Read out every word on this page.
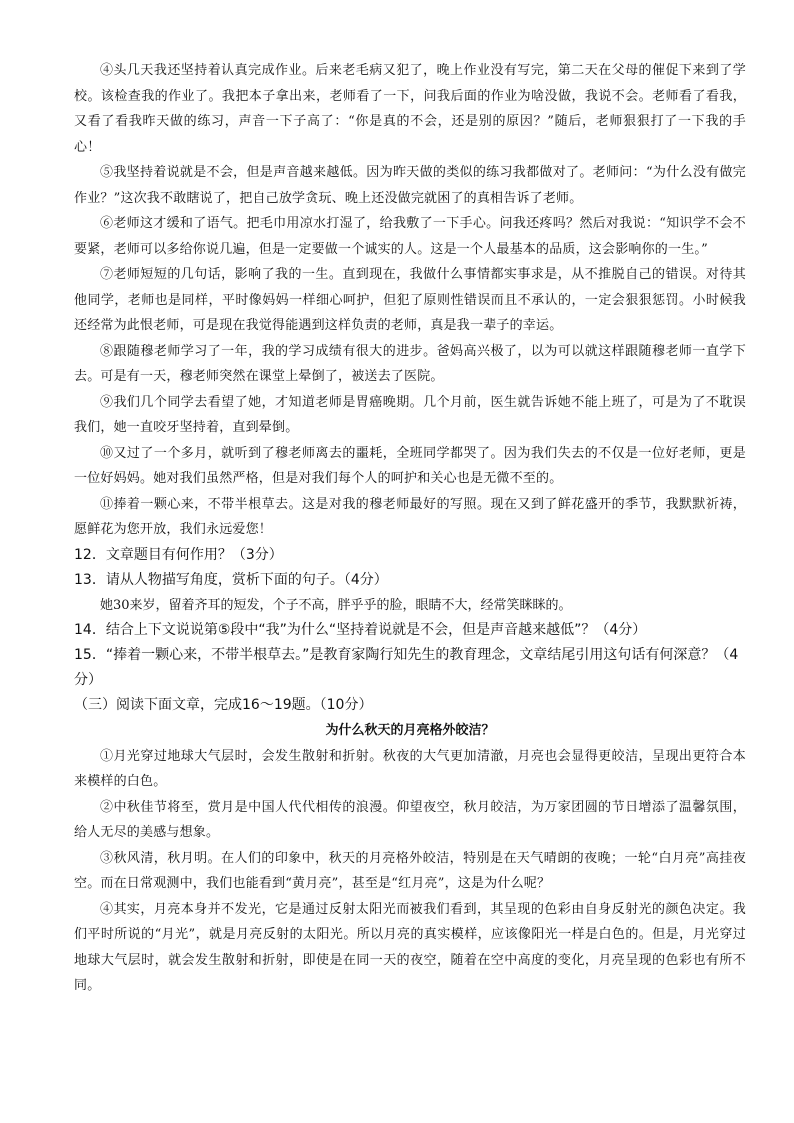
④头几天我还坚持着认真完成作业。后来老毛病又犯了，晚上作业没有写完，第二天在父母的催促下来到了学校。该检查我的作业了。我把本子拿出来，老师看了一下，问我后面的作业为啥没做，我说不会。老师看了看我，又看了看我昨天做的练习，声音一下子高了：“你是真的不会，还是别的原因？”随后，老师狠狠打了一下我的手心！

⑤我坚持着说就是不会，但是声音越来越低。因为昨天做的类似的练习我都做对了。老师问：“为什么没有做完作业？”这次我不敢瞎说了，把自己放学贪玩、晚上还没做完就困了的真相告诉了老师。

⑥老师这才缓和了语气。把毛巾用凉水打湿了，给我敷了一下手心。问我还疼吗？然后对我说：“知识学不会不要紧，老师可以多给你说几遍，但是一定要做一个诚实的人。这是一个人最基本的品质，这会影响你的一生。”

⑦老师短短的几句话，影响了我的一生。直到现在，我做什么事情都实事求是，从不推脱自己的错误。对待其他同学，老师也是同样，平时像妈妈一样细心呵护，但犯了原则性错误而且不承认的，一定会狠狠惩罚。小时候我还经常为此恨老师，可是现在我觉得能遇到这样负责的老师，真是我一辈子的幸运。

⑧跟随穆老师学习了一年，我的学习成绩有很大的进步。爸妈高兴极了，以为可以就这样跟随穆老师一直学下去。可是有一天，穆老师突然在课堂上晕倒了，被送去了医院。

⑨我们几个同学去看望了她，才知道老师是胃癌晚期。几个月前，医生就告诉她不能上班了，可是为了不耽误我们，她一直咬牙坚持着，直到晕倒。

⑩又过了一个多月，就听到了穆老师离去的噩耗，全班同学都哭了。因为我们失去的不仅是一位好老师，更是一位好妈妈。她对我们虽然严格，但是对我们每个人的呵护和关心也是无微不至的。

⑪捧着一颗心来，不带半根草去。这是对我的穆老师最好的写照。现在又到了鲜花盛开的季节，我默默祈祷，愿鲜花为您开放，我们永远爱您！

12．文章题目有何作用？（3分）

13．请从人物描写角度，赏析下面的句子。（4分）

她30来岁，留着齐耳的短发，个子不高，胖乎乎的脸，眼睛不大，经常笑眯眯的。

14．结合上下文说说第⑤段中“我”为什么“坚持着说就是不会，但是声音越来越低”？（4分）

15．“捧着一颗心来，不带半根草去。”是教育家陶行知先生的教育理念，文章结尾引用这句话有何深意？（4分）

（三）阅读下面文章，完成16～19题。（10分）

为什么秋天的月亮格外皎洁？

①月光穿过地球大气层时，会发生散射和折射。秋夜的大气更加清澈，月亮也会显得更皎洁，呈现出更符合本来模样的白色。

②中秋佳节将至，赏月是中国人代代相传的浪漫。仰望夜空，秋月皎洁，为万家团圆的节日增添了温馨氛围，给人无尽的美感与想象。

③秋风清，秋月明。在人们的印象中，秋天的月亮格外皎洁，特别是在天气晴朗的夜晚；一轮“白月亮”高挂夜空。而在日常观测中，我们也能看到“黄月亮”，甚至是“红月亮”，这是为什么呢？

④其实，月亮本身并不发光，它是通过反射太阳光而被我们看到，其呈现的色彩由自身反射光的颜色决定。我们平时所说的“月光”，就是月亮反射的太阳光。所以月亮的真实模样，应该像阳光一样是白色的。但是，月光穿过地球大气层时，就会发生散射和折射，即使是在同一天的夜空，随着在空中高度的变化，月亮呈现的色彩也有所不同。
